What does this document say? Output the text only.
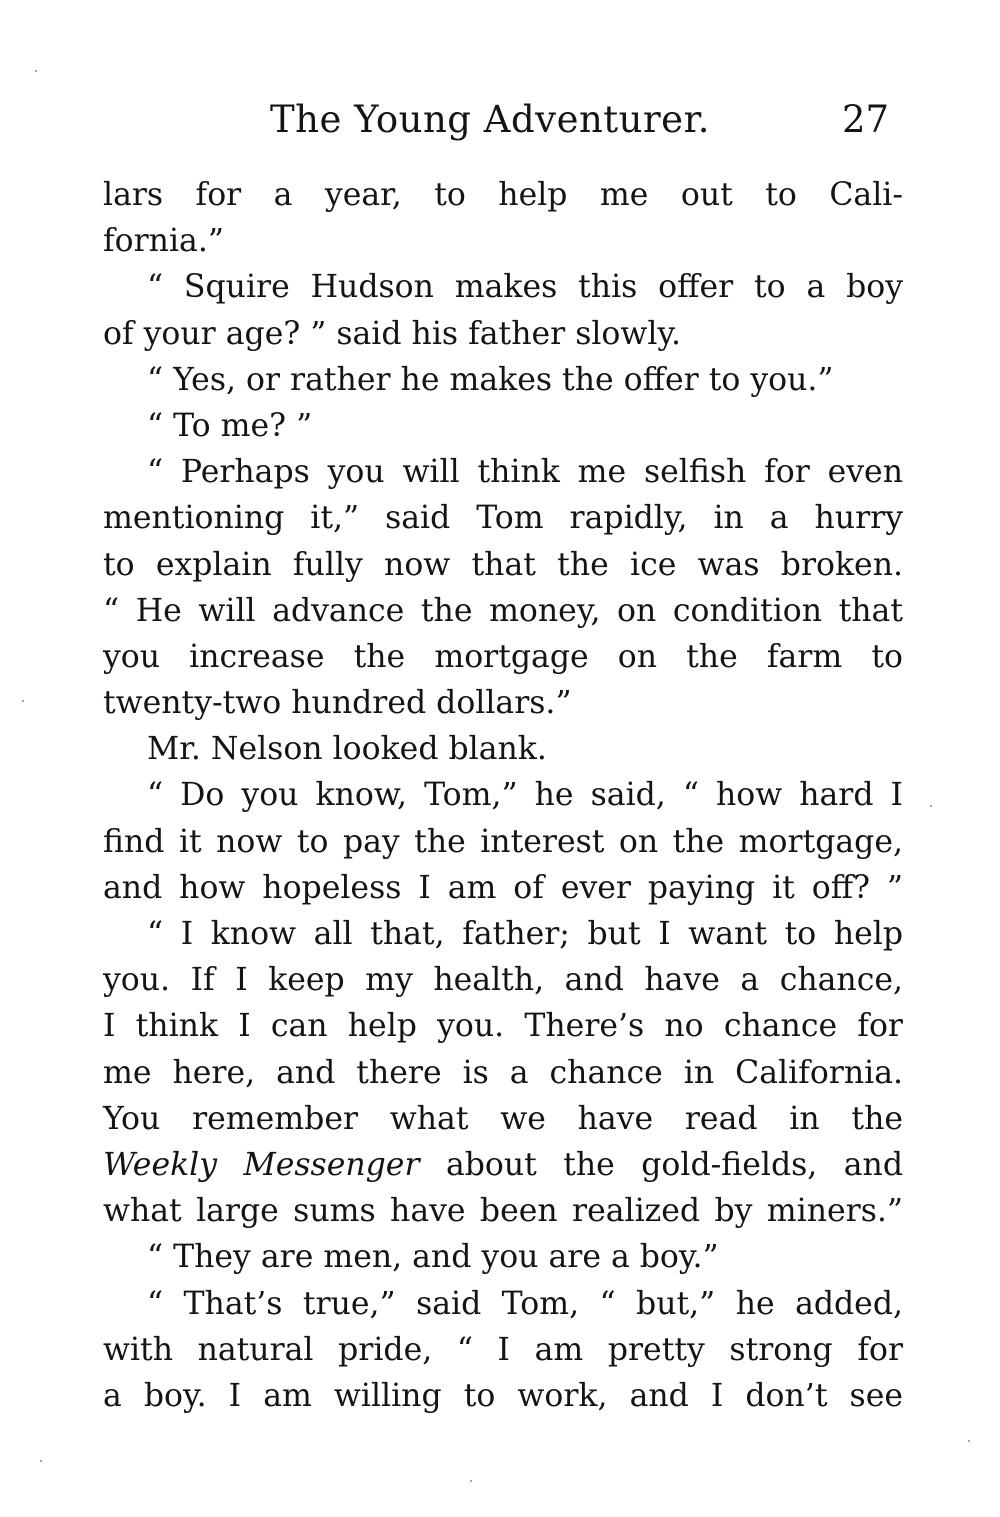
The Young Adventurer.	27
lars for a year, to help me out to Cali-
fornia.”
“ Squire Hudson makes this offer to a boy
of your age? ” said his father slowly.
“ Yes, or rather he makes the offer to you.”
“ To me? ”
“ Perhaps you will think me selfish for even
mentioning it,” said Tom rapidly, in a hurry
to explain fully now that the ice was broken.
“ He will advance the money, on condition that
you increase the mortgage on the farm to
twenty-two hundred dollars.”
Mr. Nelson looked blank.
“ Do you know, Tom,” he said, “ how hard I
find it now to pay the interest on the mortgage,
and how hopeless I am of ever paying it off? ”
“ I know all that, father; but I want to help
you. If I keep my health, and have a chance,
I think I can help you. There’s no chance for
me here, and there is a chance in California.
You remember what we have read in the
Weekly Messenger about the gold-fields, and
what large sums have been realized by miners.”
“ They are men, and you are a boy.”
“ That’s true,” said Tom, “ but,” he added,
with natural pride, “ I am pretty strong for
a boy. I am willing to work, and I don’t see
